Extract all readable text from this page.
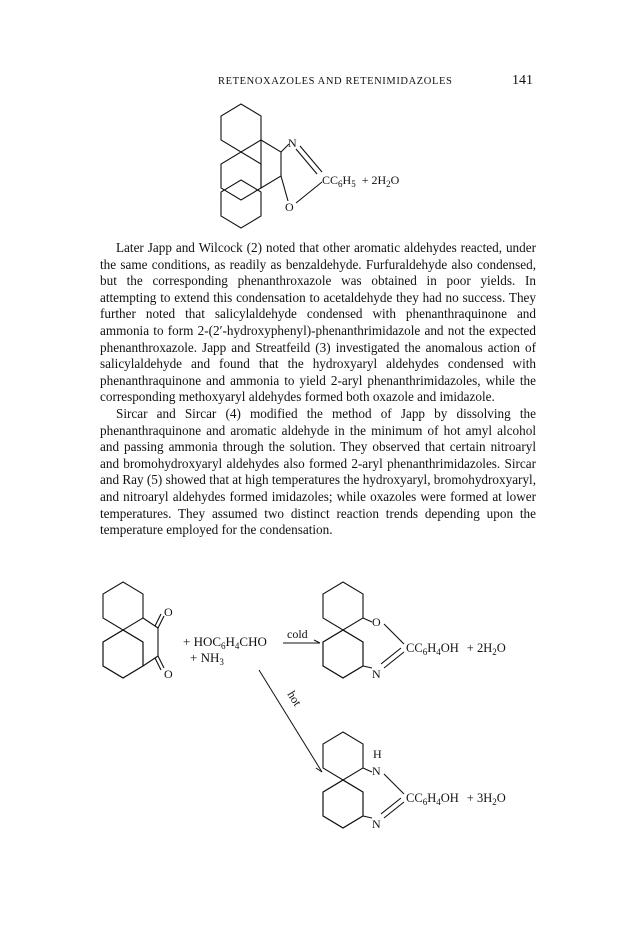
RETENOXAZOLES AND RETENIMIDAZOLES	141
N
O
$CC_6H_5 + 2H_2O$

Later Japp and Wilcock (2) noted that other aromatic aldehydes reacted, under the same conditions, as readily as benzaldehyde. Furfuraldehyde also condensed, but the corresponding phenanthroxazole was obtained in poor yields. In attempting to extend this condensation to acetaldehyde they had no success. They further noted that salicylaldehyde condensed with phenanthraquinone and ammonia to form 2-(2′-hydroxyphenyl)-phenanthrimidazole and not the expected phenanthroxazole. Japp and Streatfeild (3) investigated the anomalous action of salicylaldehyde and found that the hydroxyaryl aldehydes condensed with phenanthraquinone and ammonia to yield 2-aryl phenanthrimidazoles, while the corresponding methoxyaryl aldehydes formed both oxazole and imidazole.

Sircar and Sircar (4) modified the method of Japp by dissolving the phenanthraquinone and aromatic aldehyde in the minimum of hot amyl alcohol and passing ammonia through the solution. They observed that certain nitroaryl and bromohydroxyaryl aldehydes also formed 2-aryl phenanthrimidazoles. Sircar and Ray (5) showed that at high temperatures the hydroxyaryl, bromohydroxyaryl, and nitroaryl aldehydes formed imidazoles; while oxazoles were formed at lower temperatures. They assumed two distinct reaction trends depending upon the temperature employed for the condensation.

O
O
+ $HOC_6H_4CHO$
+ $NH_3$
cold
hot
O
N
$CC_6H_4OH + 2H_2O$
H
N
N
$CC_6H_4OH + 3H_2O$
